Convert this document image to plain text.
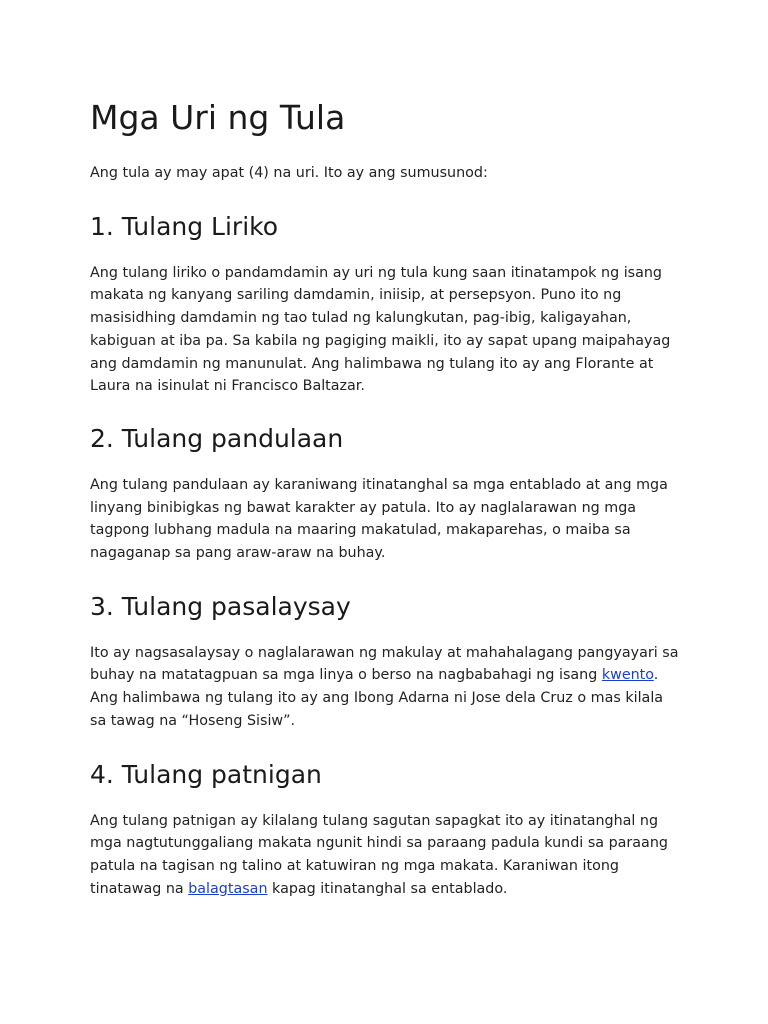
Mga Uri ng Tula

Ang tula ay may apat (4) na uri. Ito ay ang sumusunod:

1. Tulang Liriko

Ang tulang liriko o pandamdamin ay uri ng tula kung saan itinatampok ng isang
makata ng kanyang sariling damdamin, iniisip, at persepsyon. Puno ito ng
masisidhing damdamin ng tao tulad ng kalungkutan, pag-ibig, kaligayahan,
kabiguan at iba pa. Sa kabila ng pagiging maikli, ito ay sapat upang maipahayag
ang damdamin ng manunulat. Ang halimbawa ng tulang ito ay ang Florante at
Laura na isinulat ni Francisco Baltazar.

2. Tulang pandulaan

Ang tulang pandulaan ay karaniwang itinatanghal sa mga entablado at ang mga
linyang binibigkas ng bawat karakter ay patula. Ito ay naglalarawan ng mga
tagpong lubhang madula na maaring makatulad, makaparehas, o maiba sa
nagaganap sa pang araw-araw na buhay.

3. Tulang pasalaysay

Ito ay nagsasalaysay o naglalarawan ng makulay at mahahalagang pangyayari sa
buhay na matatagpuan sa mga linya o berso na nagbabahagi ng isang kwento.
Ang halimbawa ng tulang ito ay ang Ibong Adarna ni Jose dela Cruz o mas kilala
sa tawag na “Hoseng Sisiw”.

4. Tulang patnigan

Ang tulang patnigan ay kilalang tulang sagutan sapagkat ito ay itinatanghal ng
mga nagtutunggaliang makata ngunit hindi sa paraang padula kundi sa paraang
patula na tagisan ng talino at katuwiran ng mga makata. Karaniwan itong
tinatawag na balagtasan kapag itinatanghal sa entablado.
